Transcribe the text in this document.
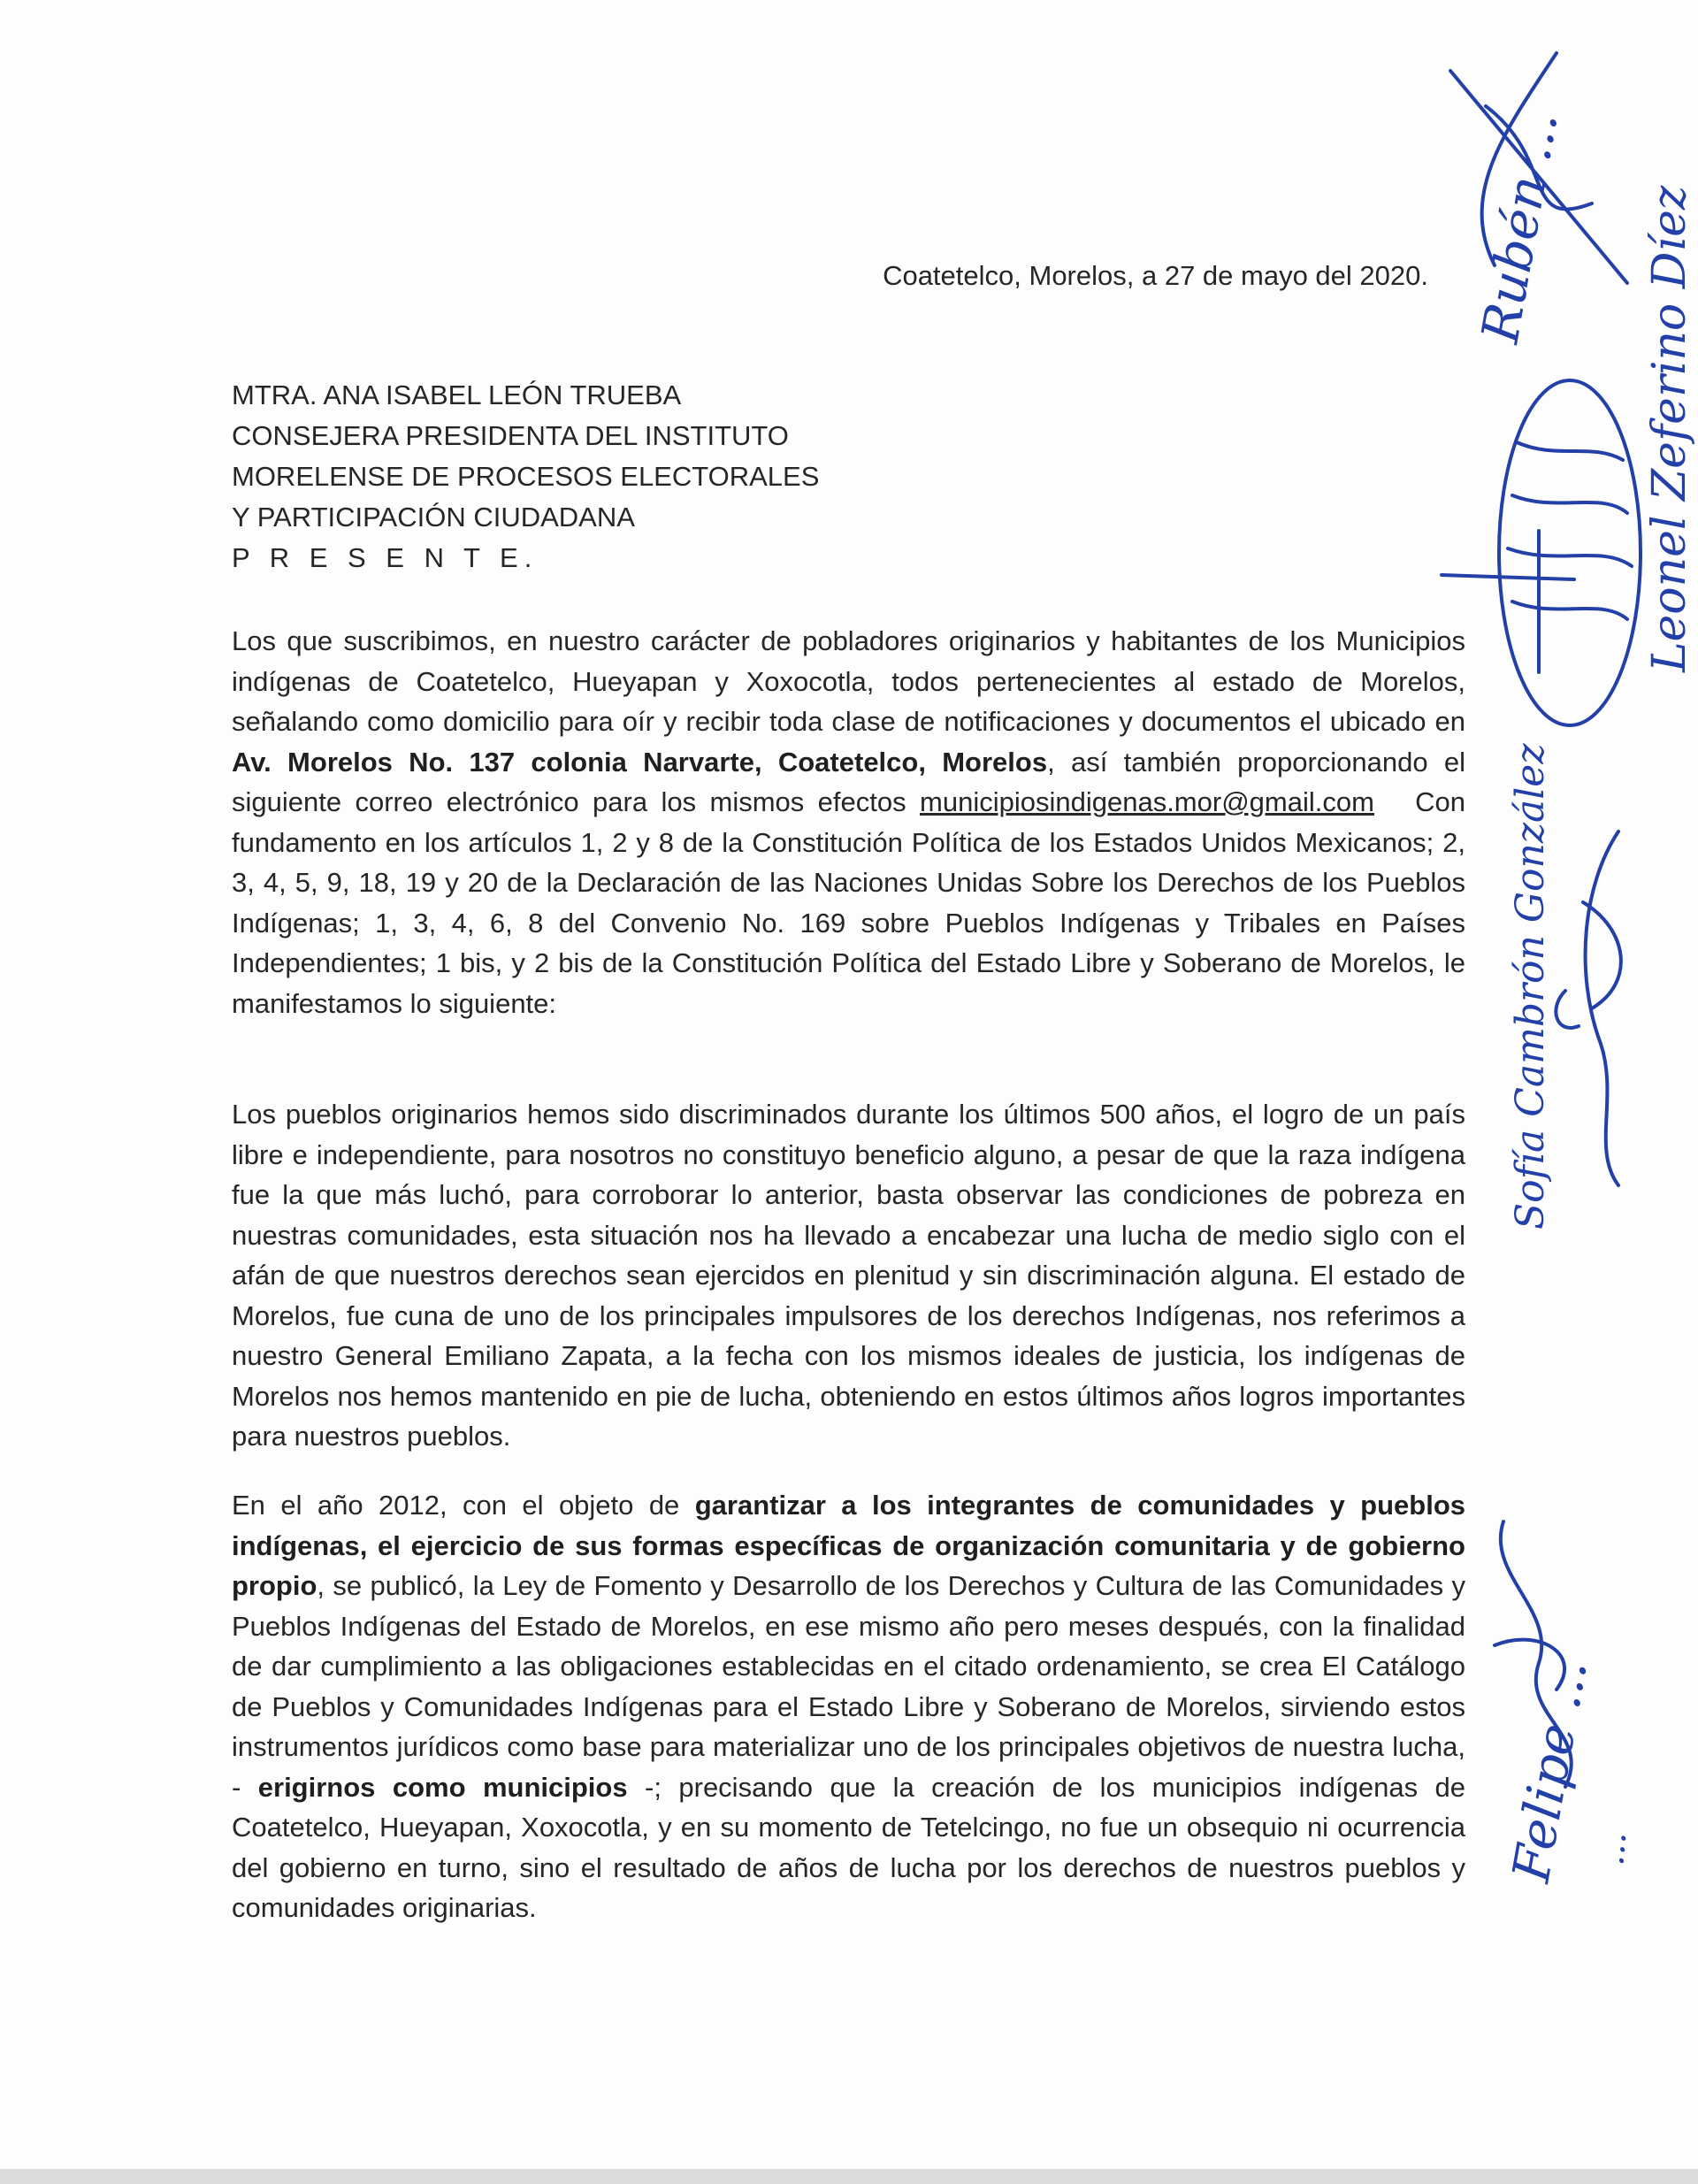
Coatetelco, Morelos, a 27 de mayo del 2020.
MTRA. ANA ISABEL LEÓN TRUEBA
CONSEJERA PRESIDENTA DEL INSTITUTO
MORELENSE DE PROCESOS ELECTORALES
Y PARTICIPACIÓN CIUDADANA
P R E S E N T E.

Los que suscribimos, en nuestro carácter de pobladores originarios y habitantes de los Municipios indígenas de Coatetelco, Hueyapan y Xoxocotla, todos pertenecientes al estado de Morelos, señalando como domicilio para oír y recibir toda clase de notificaciones y documentos el ubicado en Av. Morelos No. 137 colonia Narvarte, Coatetelco, Morelos, así también proporcionando el siguiente correo electrónico para los mismos efectos municipiosindigenas.mor@gmail.com Con fundamento en los artículos 1, 2 y 8 de la Constitución Política de los Estados Unidos Mexicanos; 2, 3, 4, 5, 9, 18, 19 y 20 de la Declaración de las Naciones Unidas Sobre los Derechos de los Pueblos Indígenas; 1, 3, 4, 6, 8 del Convenio No. 169 sobre Pueblos Indígenas y Tribales en Países Independientes; 1 bis, y 2 bis de la Constitución Política del Estado Libre y Soberano de Morelos, le manifestamos lo siguiente:

Los pueblos originarios hemos sido discriminados durante los últimos 500 años, el logro de un país libre e independiente, para nosotros no constituyo beneficio alguno, a pesar de que la raza indígena fue la que más luchó, para corroborar lo anterior, basta observar las condiciones de pobreza en nuestras comunidades, esta situación nos ha llevado a encabezar una lucha de medio siglo con el afán de que nuestros derechos sean ejercidos en plenitud y sin discriminación alguna. El estado de Morelos, fue cuna de uno de los principales impulsores de los derechos Indígenas, nos referimos a nuestro General Emiliano Zapata, a la fecha con los mismos ideales de justicia, los indígenas de Morelos nos hemos mantenido en pie de lucha, obteniendo en estos últimos años logros importantes para nuestros pueblos.

En el año 2012, con el objeto de garantizar a los integrantes de comunidades y pueblos indígenas, el ejercicio de sus formas específicas de organización comunitaria y de gobierno propio, se publicó, la Ley de Fomento y Desarrollo de los Derechos y Cultura de las Comunidades y Pueblos Indígenas del Estado de Morelos, en ese mismo año pero meses después, con la finalidad de dar cumplimiento a las obligaciones establecidas en el citado ordenamiento, se crea El Catálogo de Pueblos y Comunidades Indígenas para el Estado Libre y Soberano de Morelos, sirviendo estos instrumentos jurídicos como base para materializar uno de los principales objetivos de nuestra lucha, - erigirnos como municipios -; precisando que la creación de los municipios indígenas de Coatetelco, Hueyapan, Xoxocotla, y en su momento de Tetelcingo, no fue un obsequio ni ocurrencia del gobierno en turno, sino el resultado de años de lucha por los derechos de nuestros pueblos y comunidades originarias.

Rubén ... Leonel Zeferino Díez
Sofía Cambrón González
Felipe ...
...
